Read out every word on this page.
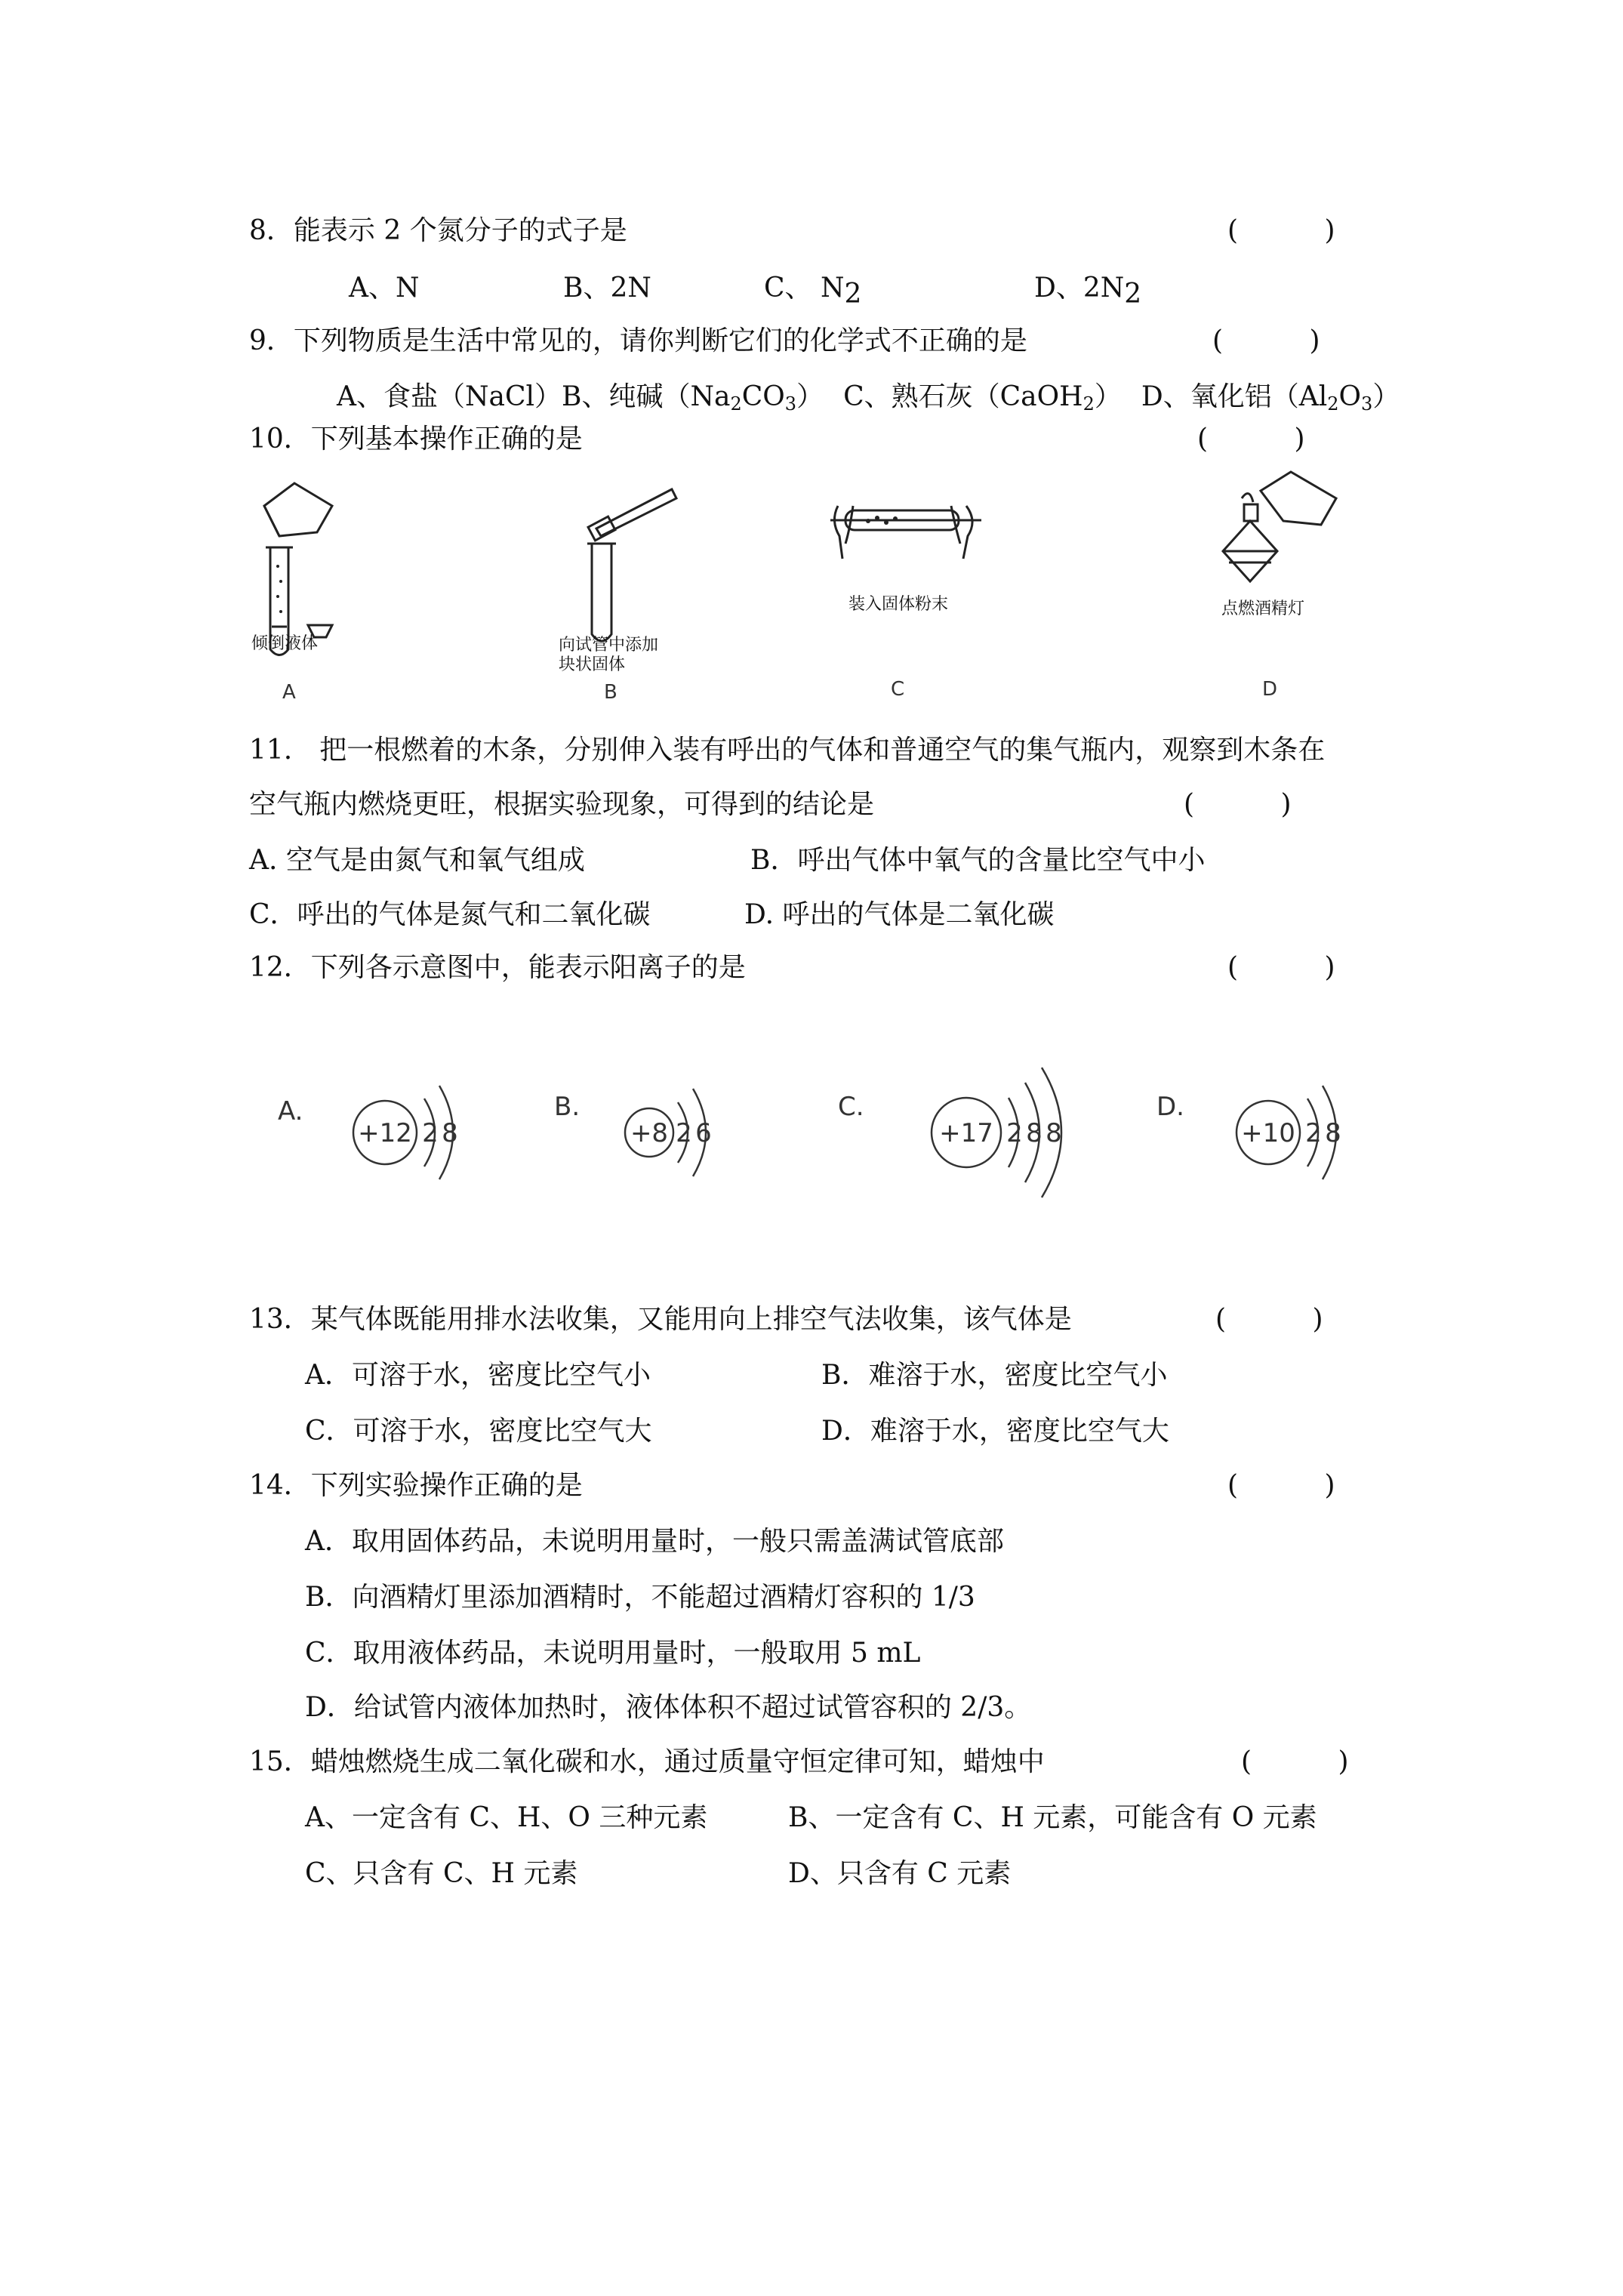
8．能表示 2 个氮分子的式子是	(          )
A、N	B、2N	C、 N2	D、2N2
9．下列物质是生活中常见的，请你判断它们的化学式不正确的是	(          )
A、食盐（NaCl）B、纯碱$(Na_2CO_3)$ C、熟石灰（CaOH$_2$） D、氧化铝$(Al_2O_3)$
10．下列基本操作正确的是	(          )
倾倒液体
A
向试管中添加
块状固体
B
装入固体粉末
C
点燃酒精灯
D
11.　把一根燃着的木条，分别伸入装有呼出的气体和普通空气的集气瓶内，观察到木条在
空气瓶内燃烧更旺，根据实验现象，可得到的结论是	(          )
A. 空气是由氮气和氧气组成	B．呼出气体中氧气的含量比空气中小
C．呼出的气体是氮气和二氧化碳	D. 呼出的气体是二氧化碳
12．下列各示意图中，能表示阳离子的是	(          )
A.
+12 2 8
B.
+8 2 6
C.
+17 2 8 8
D.
+10 2 8
13．某气体既能用排水法收集，又能用向上排空气法收集，该气体是	(          )
A．可溶于水，密度比空气小	B．难溶于水，密度比空气小
C．可溶于水，密度比空气大	D．难溶于水，密度比空气大
14．下列实验操作正确的是	(          )
A．取用固体药品，未说明用量时，一般只需盖满试管底部
B．向酒精灯里添加酒精时，不能超过酒精灯容积的 1/3
C．取用液体药品，未说明用量时，一般取用 5 mL
D．给试管内液体加热时，液体体积不超过试管容积的 2/3。
15．蜡烛燃烧生成二氧化碳和水，通过质量守恒定律可知，蜡烛中	(          )
A、一定含有 C、H、O 三种元素	B、一定含有 C、H 元素，可能含有 O 元素
C、只含有 C、H 元素	D、只含有 C 元素
